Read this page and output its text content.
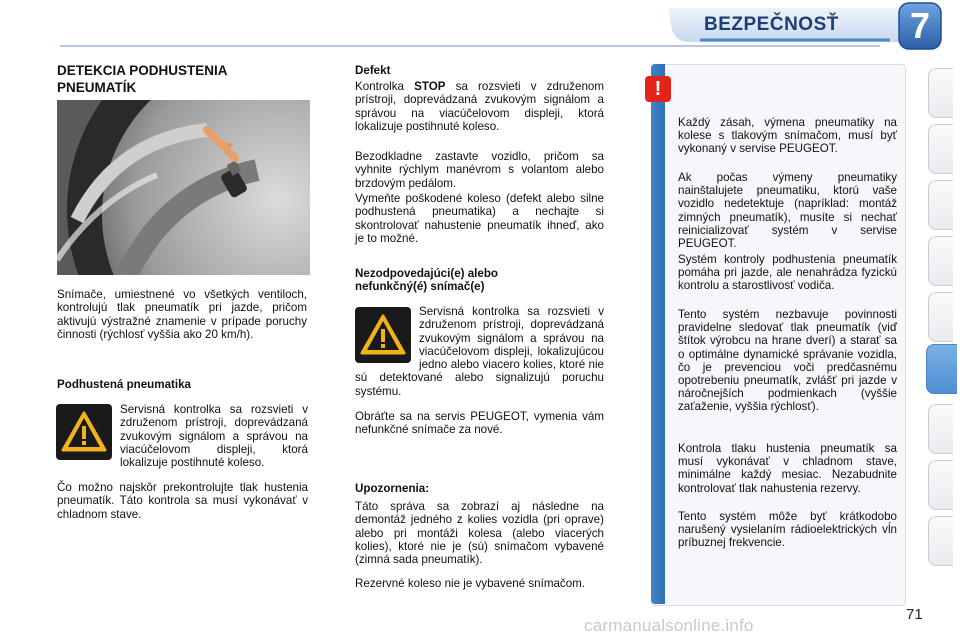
BEZPEČNOSŤ	7
DETEKCIA PODHUSTENIA PNEUMATÍK

Snímače, umiestnené vo všetkých ventiloch, kontrolujú tlak pneumatík pri jazde, pričom aktivujú výstražné znamenie v prípade poruchy činnosti (rýchlosť vyššia ako 20 km/h).

Podhustená pneumatika

Servisná kontrolka sa rozsvieti v združenom prístroji, doprevádzaná zvukovým signálom a správou na viacúčelovom displeji, ktorá lokalizuje postihnuté koleso.

Čo možno najskôr prekontrolujte tlak hustenia pneumatík. Táto kontrola sa musí vykonávať v chladnom stave.

Defekt

Kontrolka STOP sa rozsvieti v združenom prístroji, doprevádzaná zvukovým signálom a správou na viacúčelovom displeji, ktorá lokalizuje postihnuté koleso.

Bezodkladne zastavte vozidlo, pričom sa vyhnite rýchlym manévrom s volantom alebo brzdovým pedálom.

Vymeňte poškodené koleso (defekt alebo silne podhustená pneumatika) a nechajte si skontrolovať nahustenie pneumatík ihneď, ako je to možné.

Nezodpovedajúci(e) alebo nefunkčný(é) snímač(e)

Servisná kontrolka sa rozsvieti v združenom prístroji, doprevádzaná zvukovým signálom a správou na viacúčelovom displeji, lokalizujúcou jedno alebo viacero kolies, ktoré nie sú detektované alebo signalizujú poruchu systému.

Obráťte sa na servis PEUGEOT, vymenia vám nefunkčné snímače za nové.

Upozornenia:

Táto správa sa zobrazí aj následne na demontáž jedného z kolies vozidla (pri oprave) alebo pri montáži kolesa (alebo viacerých kolies), ktoré nie je (sú) snímačom vybavené (zimná sada pneumatík).

Rezervné koleso nie je vybavené snímačom.

!

Každý zásah, výmena pneumatiky na kolese s tlakovým snímačom, musí byť vykonaný v servise PEUGEOT.

Ak počas výmeny pneumatiky nainštalujete pneumatiku, ktorú vaše vozidlo nedetektuje (napríklad: montáž zimných pneumatík), musíte si nechať reinicializovať systém v servise PEUGEOT.

Systém kontroly podhustenia pneumatík pomáha pri jazde, ale nenahrádza fyzickú kontrolu a starostlivosť vodiča.

Tento systém nezbavuje povinnosti pravidelne sledovať tlak pneumatík (viď štítok výrobcu na hrane dverí) a starať sa o optimálne dynamické správanie vozidla, čo je prevenciou voči predčasnému opotrebeniu pneumatík, zvlášť pri jazde v náročnejších podmienkach (vyššie zaťaženie, vyššia rýchlosť).

Kontrola tlaku hustenia pneumatík sa musí vykonávať v chladnom stave, minimálne každý mesiac. Nezabudnite kontrolovať tlak nahustenia rezervy.

Tento systém môže byť krátkodobo narušený vysielaním rádioelektrických vĺn príbuznej frekvencie.

71
carmanualsonline.info
